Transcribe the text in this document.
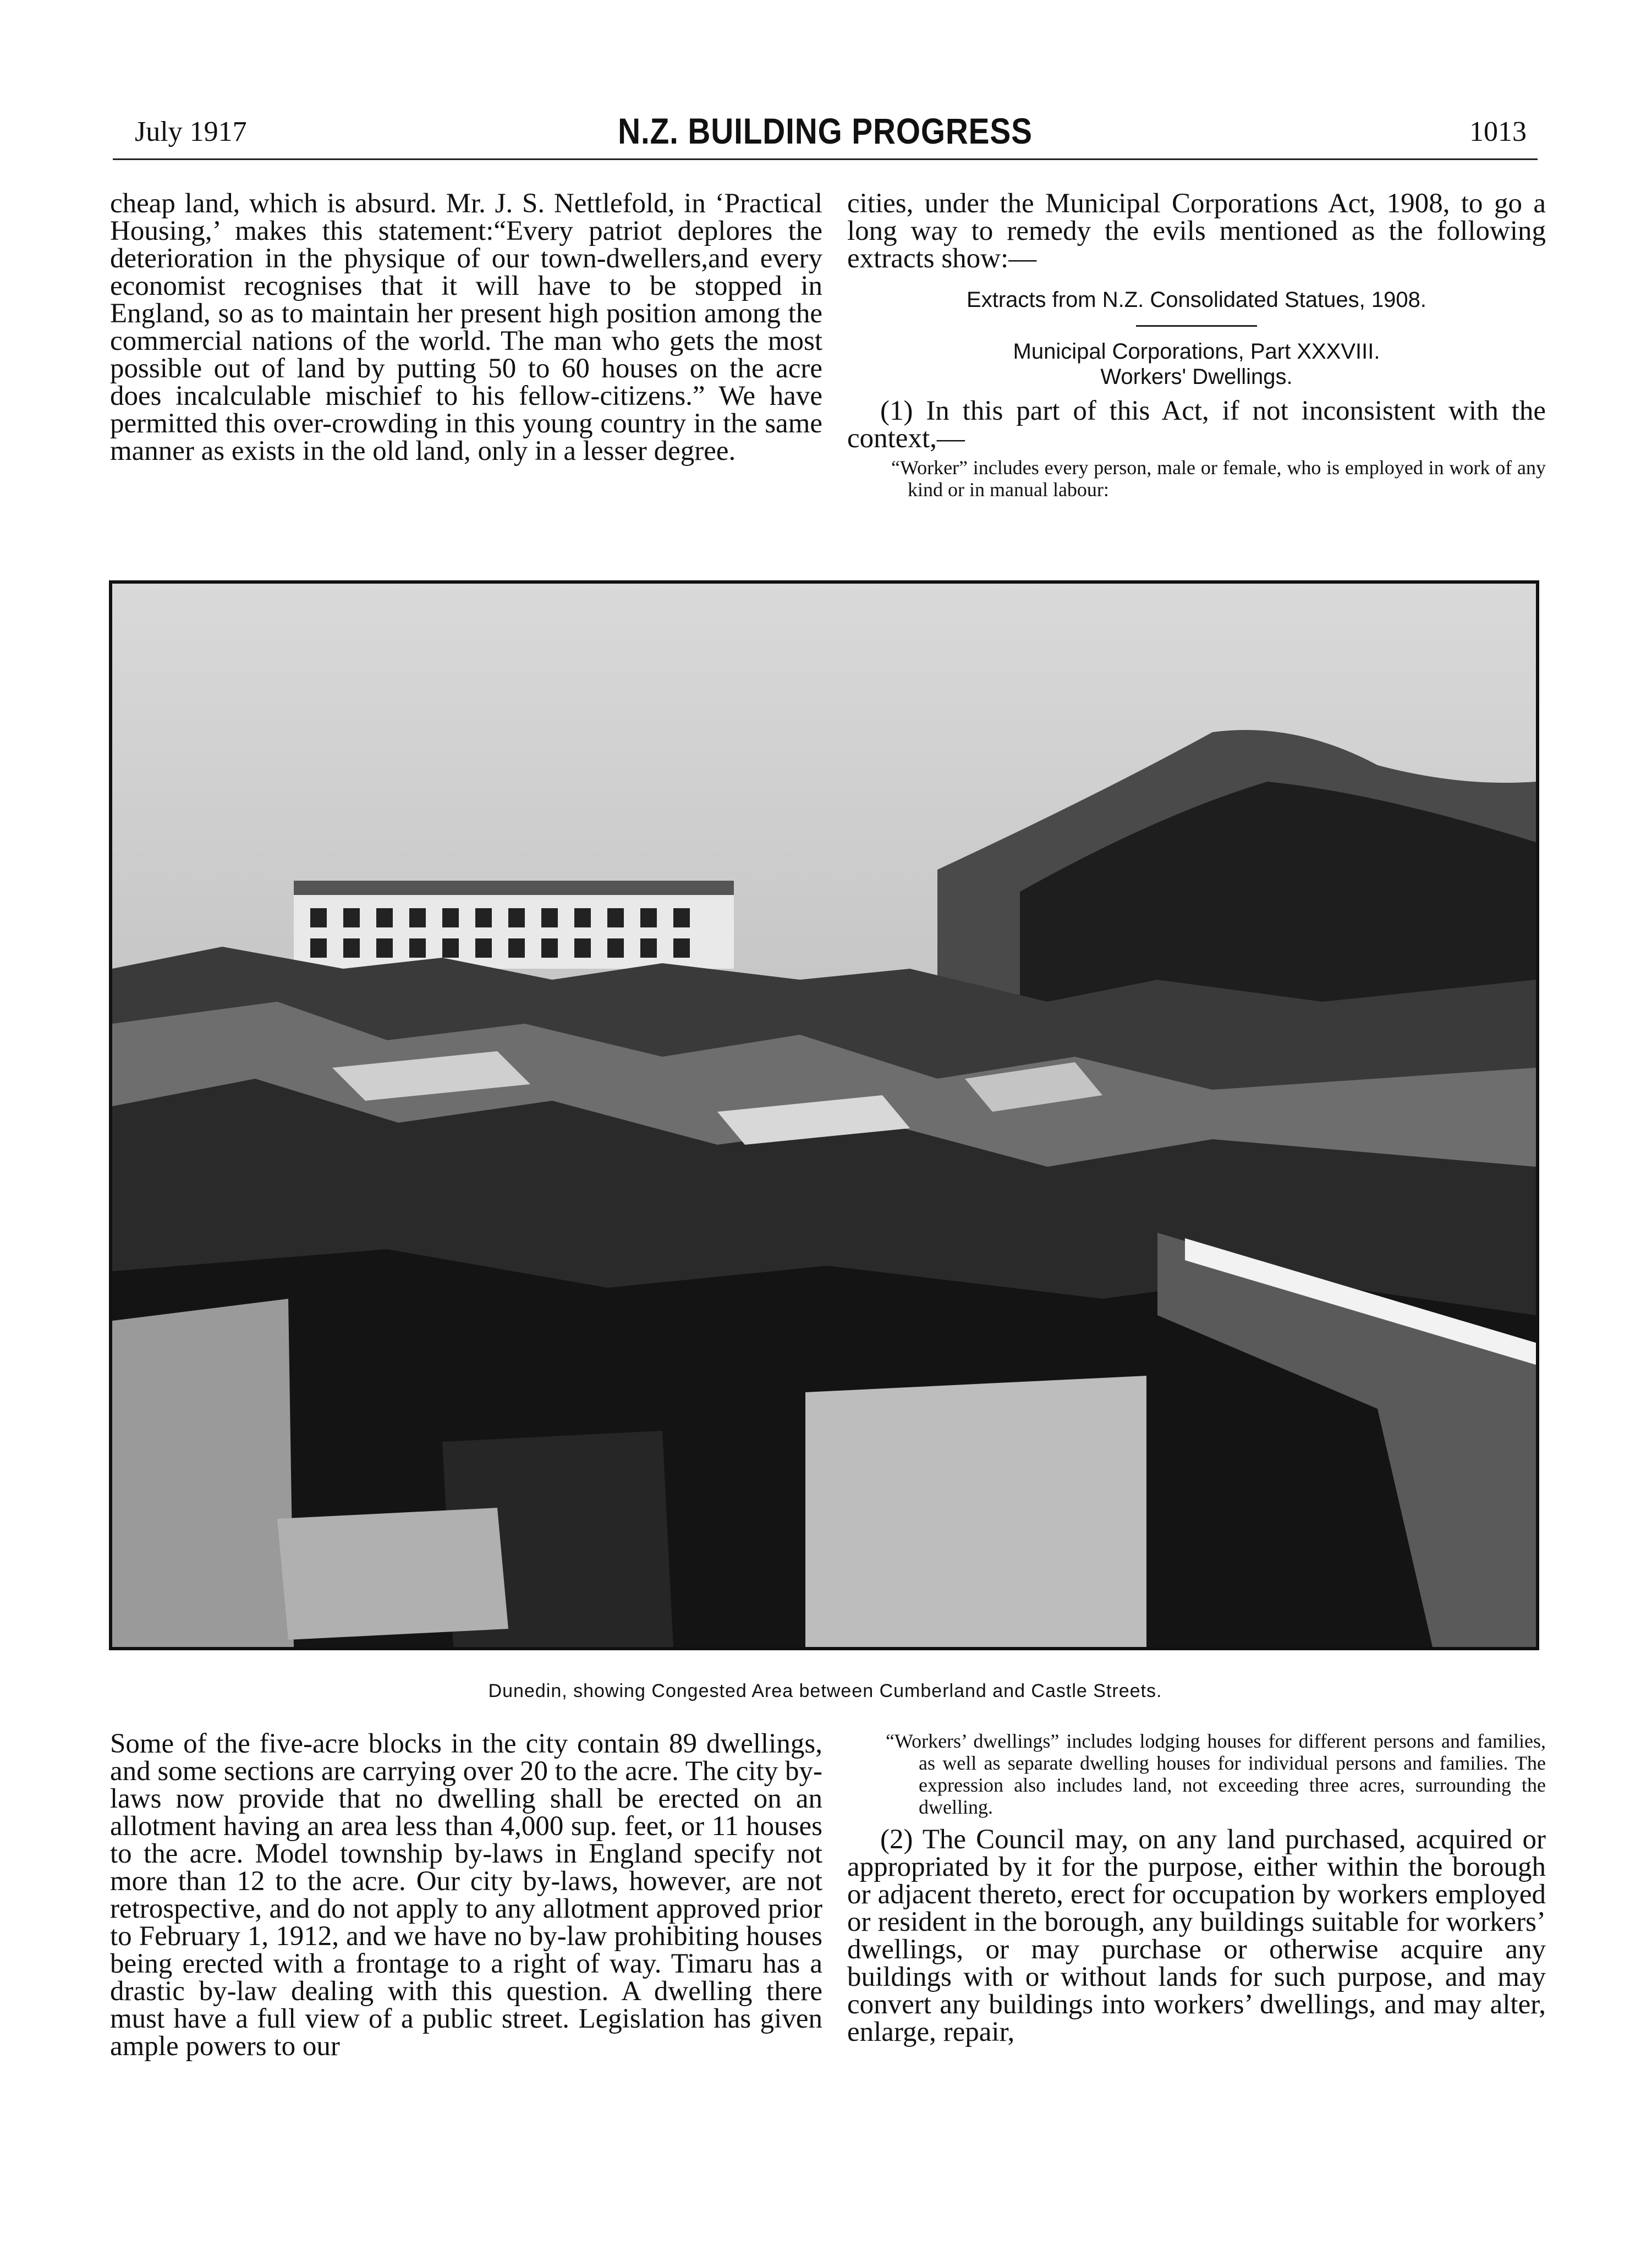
July 1917	N.Z. BUILDING PROGRESS	1013

cheap land, which is absurd. Mr. J. S. Nettlefold, in ‘Practical Housing,’ makes this statement:“Every patriot deplores the deterioration in the physique of our town-dwellers,and every economist recognises that it will have to be stopped in England, so as to maintain her present high position among the commercial nations of the world. The man who gets the most possible out of land by putting 50 to 60 houses on the acre does incalculable mischief to his fellow-citizens.” We have permitted this over-crowding in this young country in the same manner as exists in the old land, only in a lesser degree.

cities, under the Municipal Corporations Act, 1908, to go a long way to remedy the evils mentioned as the following extracts show:—

Extracts from N.Z. Consolidated Statues, 1908.
Municipal Corporations, Part XXXVIII.
Workers' Dwellings.

(1) In this part of this Act, if not inconsistent with the context,—

“Worker” includes every person, male or female, who is employed in work of any kind or in manual labour:

Dunedin, showing Congested Area between Cumberland and Castle Streets.

Some of the five-acre blocks in the city contain 89 dwellings, and some sections are carrying over 20 to the acre. The city by-laws now provide that no dwelling shall be erected on an allotment having an area less than 4,000 sup. feet, or 11 houses to the acre. Model township by-laws in England specify not more than 12 to the acre. Our city by-laws, however, are not retrospective, and do not apply to any allotment approved prior to February 1, 1912, and we have no by-law prohibiting houses being erected with a frontage to a right of way. Timaru has a drastic by-law dealing with this question. A dwelling there must have a full view of a public street. Legislation has given ample powers to our

“Workers’ dwellings” includes lodging houses for different persons and families, as well as separate dwelling houses for individual persons and families. The expression also includes land, not exceeding three acres, surrounding the dwelling.

(2) The Council may, on any land purchased, acquired or appropriated by it for the purpose, either within the borough or adjacent thereto, erect for occupation by workers employed or resident in the borough, any buildings suitable for workers’ dwellings, or may purchase or otherwise acquire any buildings with or without lands for such purpose, and may convert any buildings into workers’ dwellings, and may alter, enlarge, repair,
